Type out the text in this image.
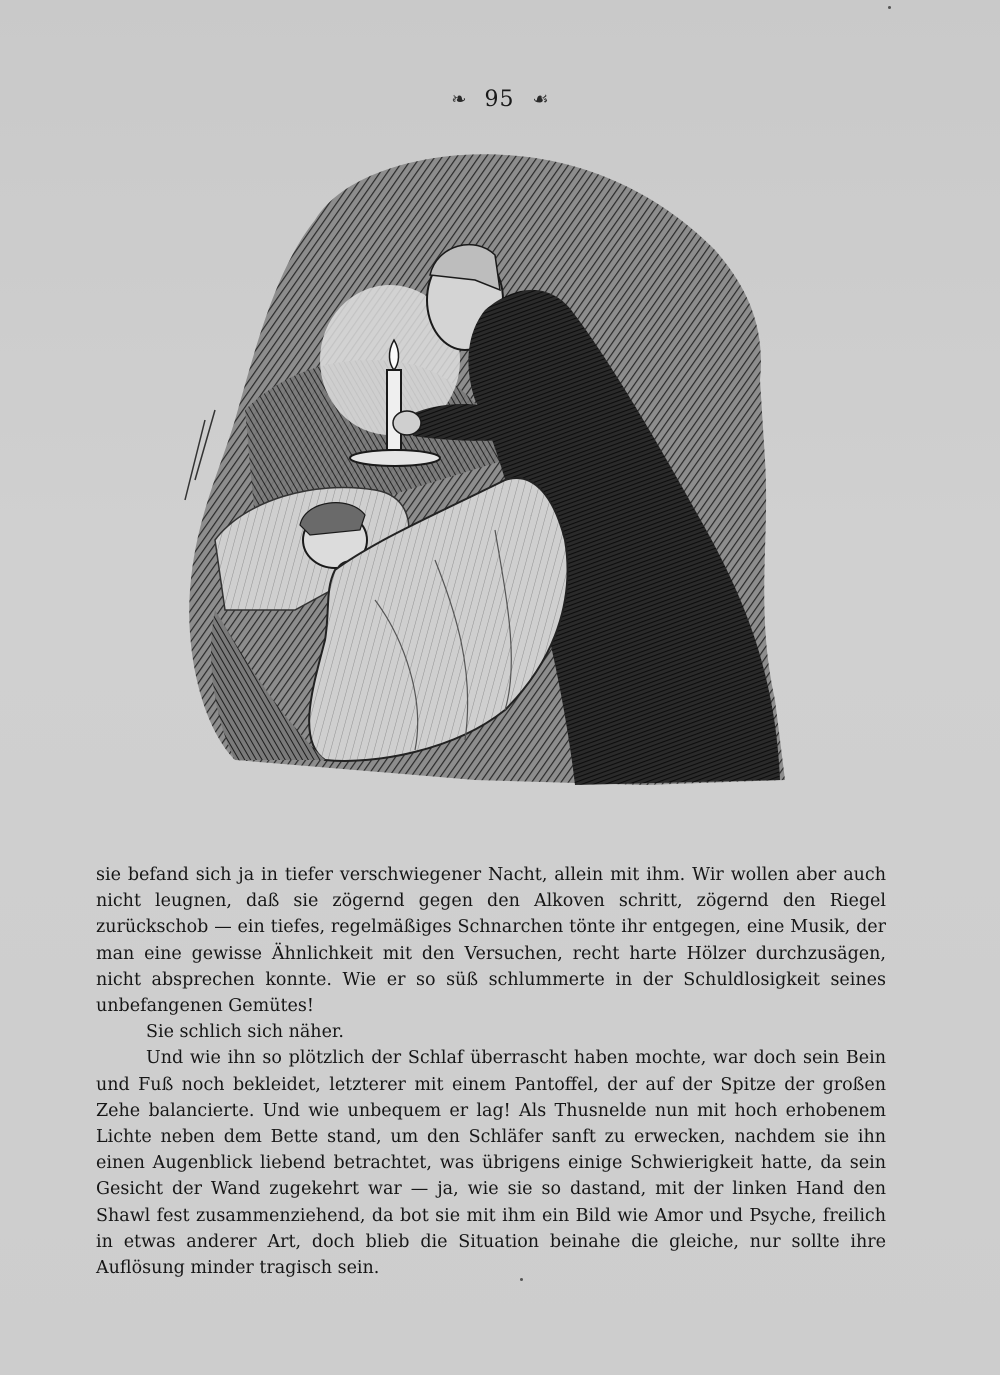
❧ 95 ☙

sie befand sich ja in tiefer verschwiegener Nacht, allein mit ihm. Wir wollen aber auch nicht leugnen, daß sie zögernd gegen den Alkoven schritt, zögernd den Riegel zurückschob — ein tiefes, regelmäßiges Schnarchen tönte ihr entgegen, eine Musik, der man eine gewisse Ähnlichkeit mit den Versuchen, recht harte Hölzer durchzusägen, nicht absprechen konnte. Wie er so süß schlummerte in der Schuldlosigkeit seines unbefangenen Gemütes!

Sie schlich sich näher.

Und wie ihn so plötzlich der Schlaf überrascht haben mochte, war doch sein Bein und Fuß noch bekleidet, letzterer mit einem Pantoffel, der auf der Spitze der großen Zehe balancierte. Und wie unbequem er lag! Als Thusnelde nun mit hoch erhobenem Lichte neben dem Bette stand, um den Schläfer sanft zu erwecken, nachdem sie ihn einen Augenblick liebend betrachtet, was übrigens einige Schwierigkeit hatte, da sein Gesicht der Wand zugekehrt war — ja, wie sie so dastand, mit der linken Hand den Shawl fest zusammenziehend, da bot sie mit ihm ein Bild wie Amor und Psyche, freilich in etwas anderer Art, doch blieb die Situation beinahe die gleiche, nur sollte ihre Auflösung minder tragisch sein.
